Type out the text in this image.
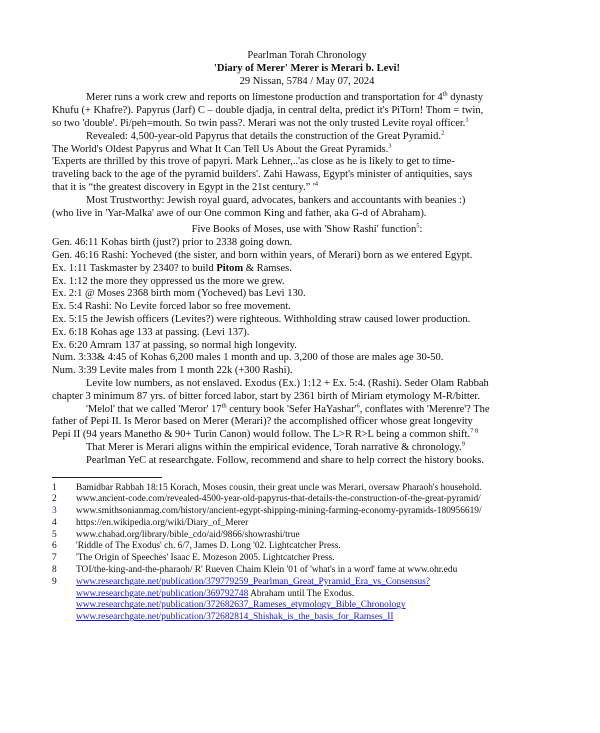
Pearlman Torah Chronology
'Diary of Merer' Merer is Merari b. Levi!
29 Nissan, 5784 / May 07, 2024
Merer runs a work crew and reports on limestone production and transportation for 4th dynasty
Khufu (+ Khafre?). Papyrus (Jarf) C – double djadja, in central delta, predict it's PiTorn! Thom = twin,
so two 'double'. Pi/peh=mouth. So twin pass?. Merari was not the only trusted Levite royal officer.$^1$
Revealed: 4,500-year-old Papyrus that details the construction of the Great Pyramid.$^2$
The World's Oldest Papyrus and What It Can Tell Us About the Great Pyramids.$^3$
'Experts are thrilled by this trove of papyri. Mark Lehner,..'as close as he is likely to get to time-
traveling back to the age of the pyramid builders'. Zahi Hawass, Egypt's minister of antiquities, says
that it is “the greatest discovery in Egypt in the 21st century.” '$^4$
Most Trustworthy: Jewish royal guard, advocates, bankers and accountants with beanies :)
(who live in 'Yar-Malka' awe of our One common King and father, aka G-d of Abraham).
Five Books of Moses, use with 'Show Rashi' function$^5$:
Gen. 46:11 Kohas birth (just?) prior to 2338 going down.
Gen. 46:16 Rashi: Yocheved (the sister, and born within years, of Merari) born as we entered Egypt.
Ex. 1:11 Taskmaster by 2340? to build Pitom & Ramses.
Ex. 1:12 the more they oppressed us the more we grew.
Ex. 2:1 @ Moses 2368 birth mom (Yocheved) bas Levi 130.
Ex. 5:4 Rashi: No Levite forced labor so free movement.
Ex. 5:15 the Jewish officers (Levites?) were righteous. Withholding straw caused lower production.
Ex. 6:18 Kohas age 133 at passing. (Levi 137).
Ex. 6:20 Amram 137 at passing, so normal high longevity.
Num. 3:33& 4:45 of Kohas 6,200 males 1 month and up. 3,200 of those are males age 30-50.
Num. 3:39 Levite males from 1 month 22k (+300 Rashi).
Levite low numbers, as not enslaved. Exodus (Ex.) 1:12 + Ex. 5:4. (Rashi). Seder Olam Rabbah
chapter 3 minimum 87 yrs. of bitter forced labor, start by 2361 birth of Miriam etymology M-R/bitter.
'Melol' that we called 'Meror' 17th century book 'Sefer $HaYashar'^6$, conflates with 'Merenre'? The
father of Pepi II. Is Meror based on Merer (Merari)? the accomplished officer whose great longevity
Pepi II (94 years Manetho & 90+ Turin Canon) would follow. The L>R R>L being a common shift.$^{7 8}$
That Merer is Merari aligns within the empirical evidence, Torah narrative & chronology.$^9$
Pearlman YeC at researchgate. Follow, recommend and share to help correct the history books.
1 Bamidbar Rabbah 18:15 Korach, Moses cousin, their great uncle was Merari, oversaw Pharaoh's household.
2 www.ancient-code.com/revealed-4500-year-old-papyrus-that-details-the-construction-of-the-great-pyramid/
3 www.smithsonianmag.com/history/ancient-egypt-shipping-mining-farming-economy-pyramids-180956619/
4 https://en.wikipedia.org/wiki/Diary_of_Merer
5 www.chabad.org/library/bible_cdo/aid/9866/showrashi/true
6 'Riddle of The Exodus' ch. 6/7, James D. Long '02. Lightcatcher Press.
7 'The Origin of Speeches' Isaac E. Mozeson 2005. Lightcatcher Press.
8 TOI/the-king-and-the-pharaoh/ R' Rueven Chaim Klein '01 of 'what's in a word' fame at www.ohr.edu
9 www.researchgate.net/publication/379779259_Pearlman_Great_Pyramid_Era_vs_Consensus?
www.researchgate.net/publication/369792748 Abraham until The Exodus.
www.researchgate.net/publication/372682637_Rameses_etymology_Bible_Chronology
www.researchgate.net/publication/372682814_Shishak_is_the_basis_for_Ramses_II
